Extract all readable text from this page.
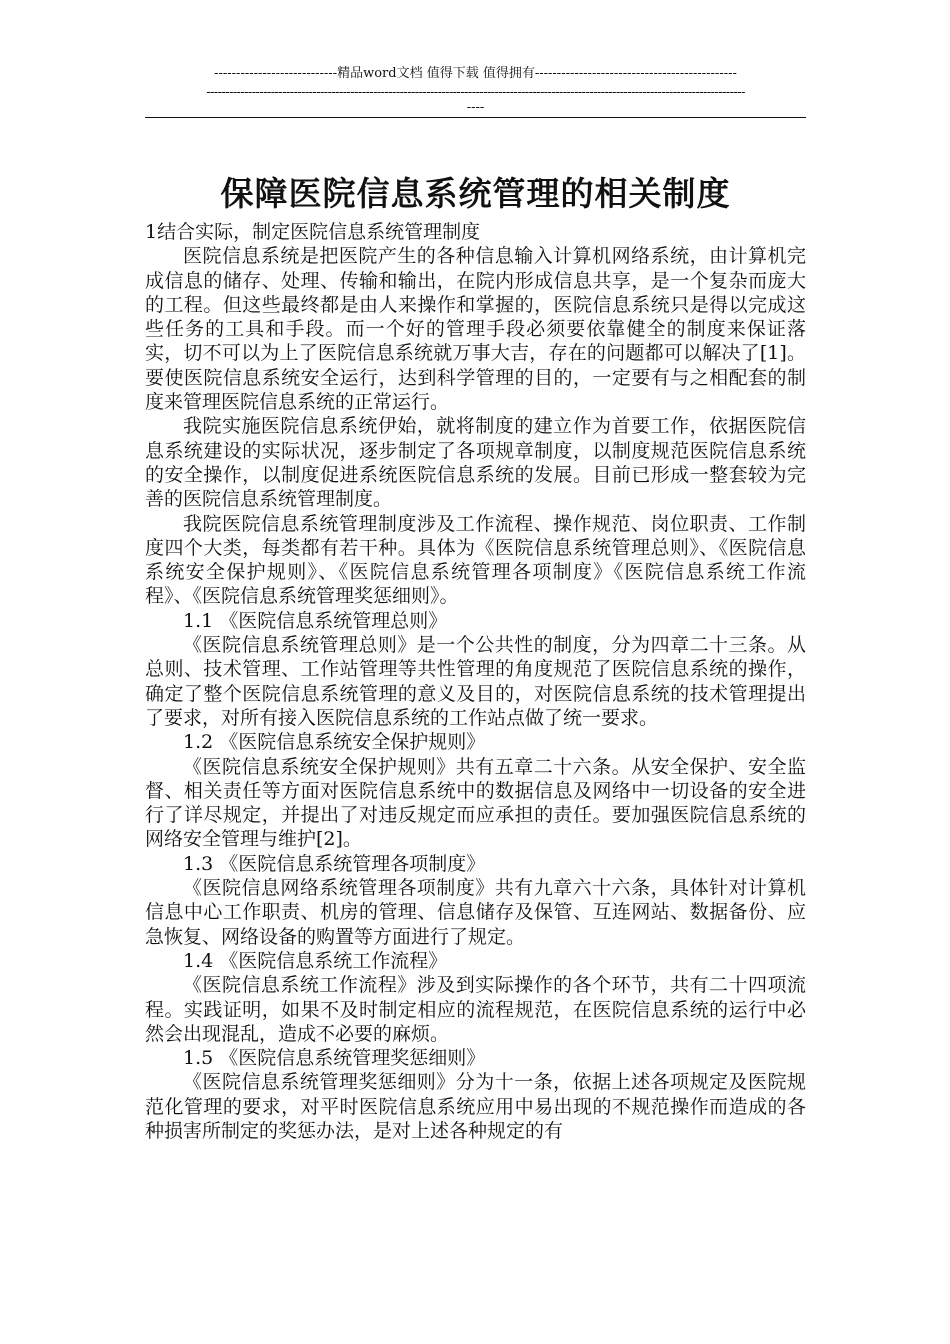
----------------------------精品word文档 值得下载 值得拥有----------------------------------------------
----------------------------------------------------------------------------------------------------------------------------------------------
----
保障医院信息系统管理的相关制度

1结合实际，制定医院信息系统管理制度

医院信息系统是把医院产生的各种信息输入计算机网络系统，由计算机完成信息的储存、处理、传输和输出，在院内形成信息共享，是一个复杂而庞大的工程。但这些最终都是由人来操作和掌握的，医院信息系统只是得以完成这些任务的工具和手段。而一个好的管理手段必须要依靠健全的制度来保证落实，切不可以为上了医院信息系统就万事大吉，存在的问题都可以解决了[1]。要使医院信息系统安全运行，达到科学管理的目的，一定要有与之相配套的制度来管理医院信息系统的正常运行。

我院实施医院信息系统伊始，就将制度的建立作为首要工作，依据医院信息系统建设的实际状况，逐步制定了各项规章制度，以制度规范医院信息系统的安全操作，以制度促进系统医院信息系统的发展。目前已形成一整套较为完善的医院信息系统管理制度。

我院医院信息系统管理制度涉及工作流程、操作规范、岗位职责、工作制度四个大类，每类都有若干种。具体为《医院信息系统管理总则》、《医院信息系统安全保护规则》、《医院信息系统管理各项制度》《医院信息系统工作流程》、《医院信息系统管理奖惩细则》。

1.1 《医院信息系统管理总则》

《医院信息系统管理总则》是一个公共性的制度，分为四章二十三条。从总则、技术管理、工作站管理等共性管理的角度规范了医院信息系统的操作，确定了整个医院信息系统管理的意义及目的，对医院信息系统的技术管理提出了要求，对所有接入医院信息系统的工作站点做了统一要求。

1.2 《医院信息系统安全保护规则》

《医院信息系统安全保护规则》共有五章二十六条。从安全保护、安全监督、相关责任等方面对医院信息系统中的数据信息及网络中一切设备的安全进行了详尽规定，并提出了对违反规定而应承担的责任。要加强医院信息系统的网络安全管理与维护[2]。

1.3 《医院信息系统管理各项制度》

《医院信息网络系统管理各项制度》共有九章六十六条，具体针对计算机信息中心工作职责、机房的管理、信息储存及保管、互连网站、数据备份、应急恢复、网络设备的购置等方面进行了规定。

1.4 《医院信息系统工作流程》

《医院信息系统工作流程》涉及到实际操作的各个环节，共有二十四项流程。实践证明，如果不及时制定相应的流程规范，在医院信息系统的运行中必然会出现混乱，造成不必要的麻烦。

1.5 《医院信息系统管理奖惩细则》

《医院信息系统管理奖惩细则》分为十一条，依据上述各项规定及医院规范化管理的要求，对平时医院信息系统应用中易出现的不规范操作而造成的各种损害所制定的奖惩办法，是对上述各种规定的有
